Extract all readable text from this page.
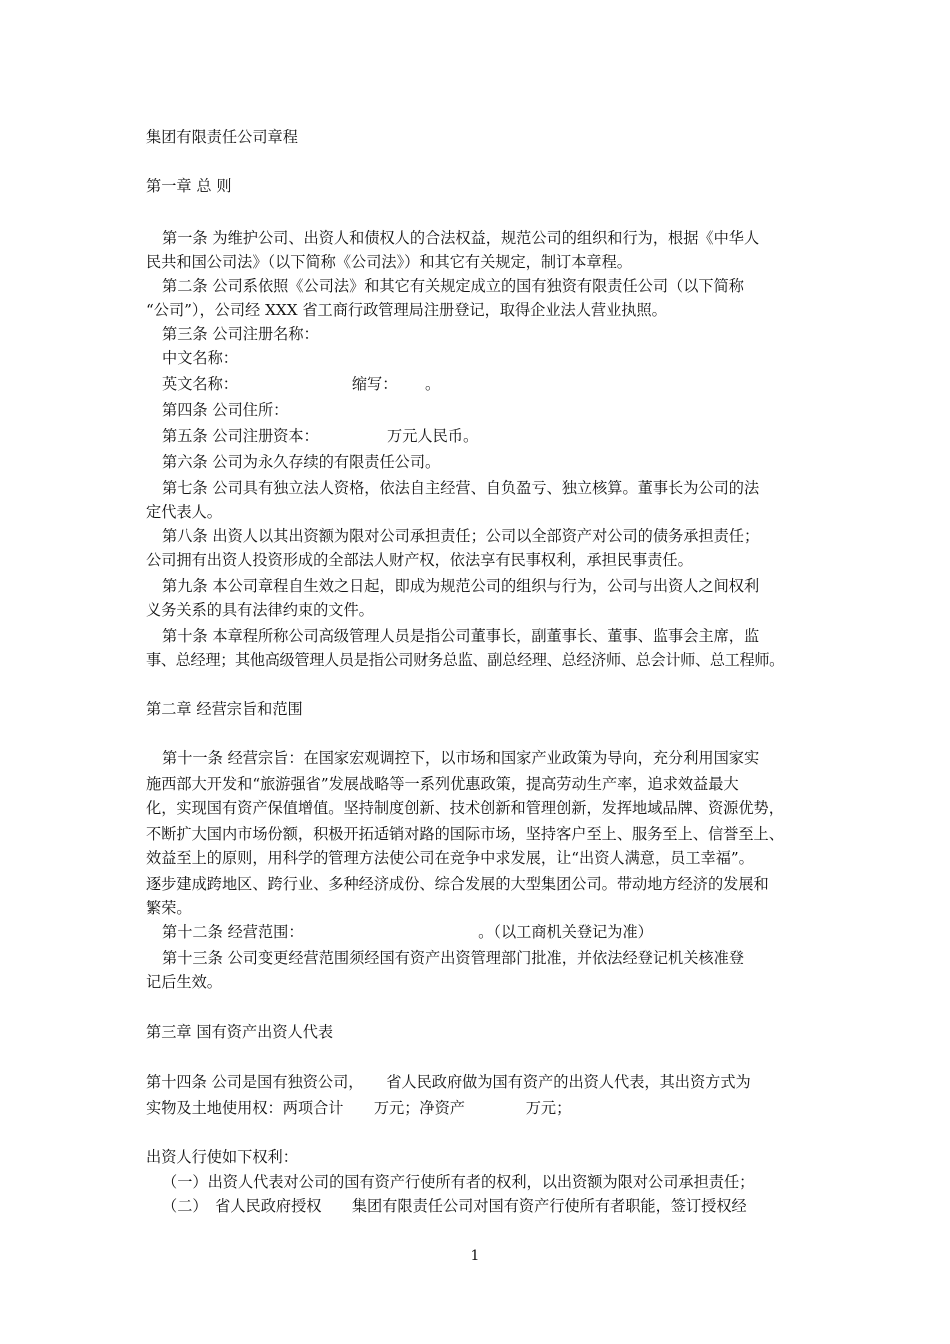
集团有限责任公司章程
第一章 总 则
第一条 为维护公司、出资人和债权人的合法权益，规范公司的组织和行为，根据《中华人
民共和国公司法》（以下简称《公司法》）和其它有关规定，制订本章程。
第二条 公司系依照《公司法》和其它有关规定成立的国有独资有限责任公司（以下简称
“公司”），公司经 XXX 省工商行政管理局注册登记，取得企业法人营业执照。
第三条 公司注册名称：
中文名称：
英文名称：　　　　　　　　缩写：　　 。
第四条 公司住所：
第五条 公司注册资本：　　　　　万元人民币。
第六条 公司为永久存续的有限责任公司。
第七条 公司具有独立法人资格，依法自主经营、自负盈亏、独立核算。董事长为公司的法
定代表人。
第八条 出资人以其出资额为限对公司承担责任；公司以全部资产对公司的债务承担责任；
公司拥有出资人投资形成的全部法人财产权，依法享有民事权利，承担民事责任。
第九条 本公司章程自生效之日起，即成为规范公司的组织与行为，公司与出资人之间权利
义务关系的具有法律约束的文件。
第十条 本章程所称公司高级管理人员是指公司董事长，副董事长、董事、监事会主席，监
事、总经理；其他高级管理人员是指公司财务总监、副总经理、总经济师、总会计师、总工程师。
第二章 经营宗旨和范围
第十一条 经营宗旨：在国家宏观调控下，以市场和国家产业政策为导向，充分利用国家实
施西部大开发和“旅游强省”发展战略等一系列优惠政策，提高劳动生产率，追求效益最大
化，实现国有资产保值增值。坚持制度创新、技术创新和管理创新，发挥地域品牌、资源优势，
不断扩大国内市场份额，积极开拓适销对路的国际市场，坚持客户至上、服务至上、信誉至上、
效益至上的原则，用科学的管理方法使公司在竞争中求发展，让“出资人满意，员工幸福”。
逐步建成跨地区、跨行业、多种经济成份、综合发展的大型集团公司。带动地方经济的发展和
繁荣。
第十二条 经营范围：　　　　　　　　　　　　。（以工商机关登记为准）
第十三条 公司变更经营范围须经国有资产出资管理部门批准，并依法经登记机关核准登
记后生效。
第三章 国有资产出资人代表
第十四条 公司是国有独资公司，　　省人民政府做为国有资产的出资人代表，其出资方式为
实物及土地使用权：两项合计　　万元；净资产　　　　万元；
出资人行使如下权利：
（一）出资人代表对公司的国有资产行使所有者的权利，以出资额为限对公司承担责任；
（二）　省人民政府授权　　集团有限责任公司对国有资产行使所有者职能，签订授权经
1
